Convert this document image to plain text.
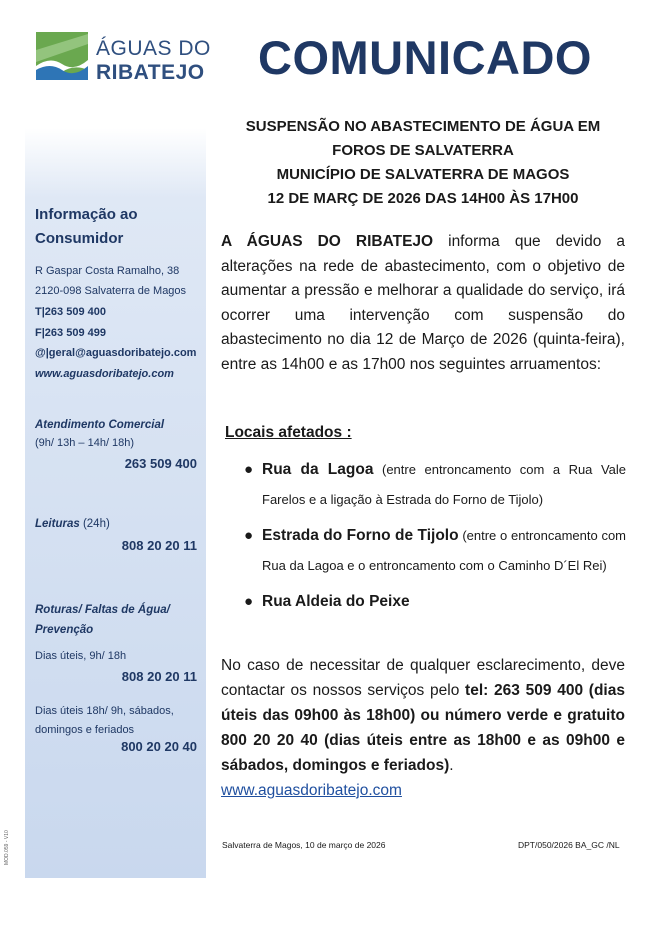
ÁGUAS DO
RIBATEJO	COMUNICADO
SUSPENSÃO NO ABASTECIMENTO DE ÁGUA EM
FOROS DE SALVATERRA
MUNICÍPIO DE SALVATERRA DE MAGOS
12 DE MARÇ DE 2026 DAS 14H00 ÀS 17H00
A ÁGUAS DO RIBATEJO informa que devido a alterações na rede de abastecimento, com o objetivo de aumentar a pressão e melhorar a qualidade do serviço, irá ocorrer uma intervenção com suspensão do abastecimento no dia 12 de Março de 2026 (quinta-feira), entre as 14h00 e as 17h00 nos seguintes arruamentos:
Locais afetados :
● Rua da Lagoa (entre entroncamento com a Rua Vale Farelos e a ligação à Estrada do Forno de Tijolo)
● Estrada do Forno de Tijolo (entre o entroncamento com Rua da Lagoa e o entroncamento com o Caminho D´El Rei)
● Rua Aldeia do Peixe
No caso de necessitar de qualquer esclarecimento, deve contactar os nossos serviços pelo tel: 263 509 400 (dias úteis das 09h00 às 18h00) ou número verde e gratuito 800 20 20 40 (dias úteis entre as 18h00 e as 09h00 e sábados, domingos e feriados).
www.aguasdoribatejo.com
Salvaterra de Magos, 10 de março de 2026	DPT/050/2026 BA_GC /NL
MOD.059 - V10
Informação ao Consumidor
R Gaspar Costa Ramalho, 38
2120-098 Salvaterra de Magos
T|263 509 400
F|263 509 499
@|geral@aguasdoribatejo.com
www.aguasdoribatejo.com
Atendimento Comercial
(9h/ 13h – 14h/ 18h)
263 509 400
Leituras (24h)
808 20 20 11
Roturas/ Faltas de Água/ Prevenção
Dias úteis, 9h/ 18h
808 20 20 11
Dias úteis 18h/ 9h, sábados, domingos e feriados
800 20 20 40
